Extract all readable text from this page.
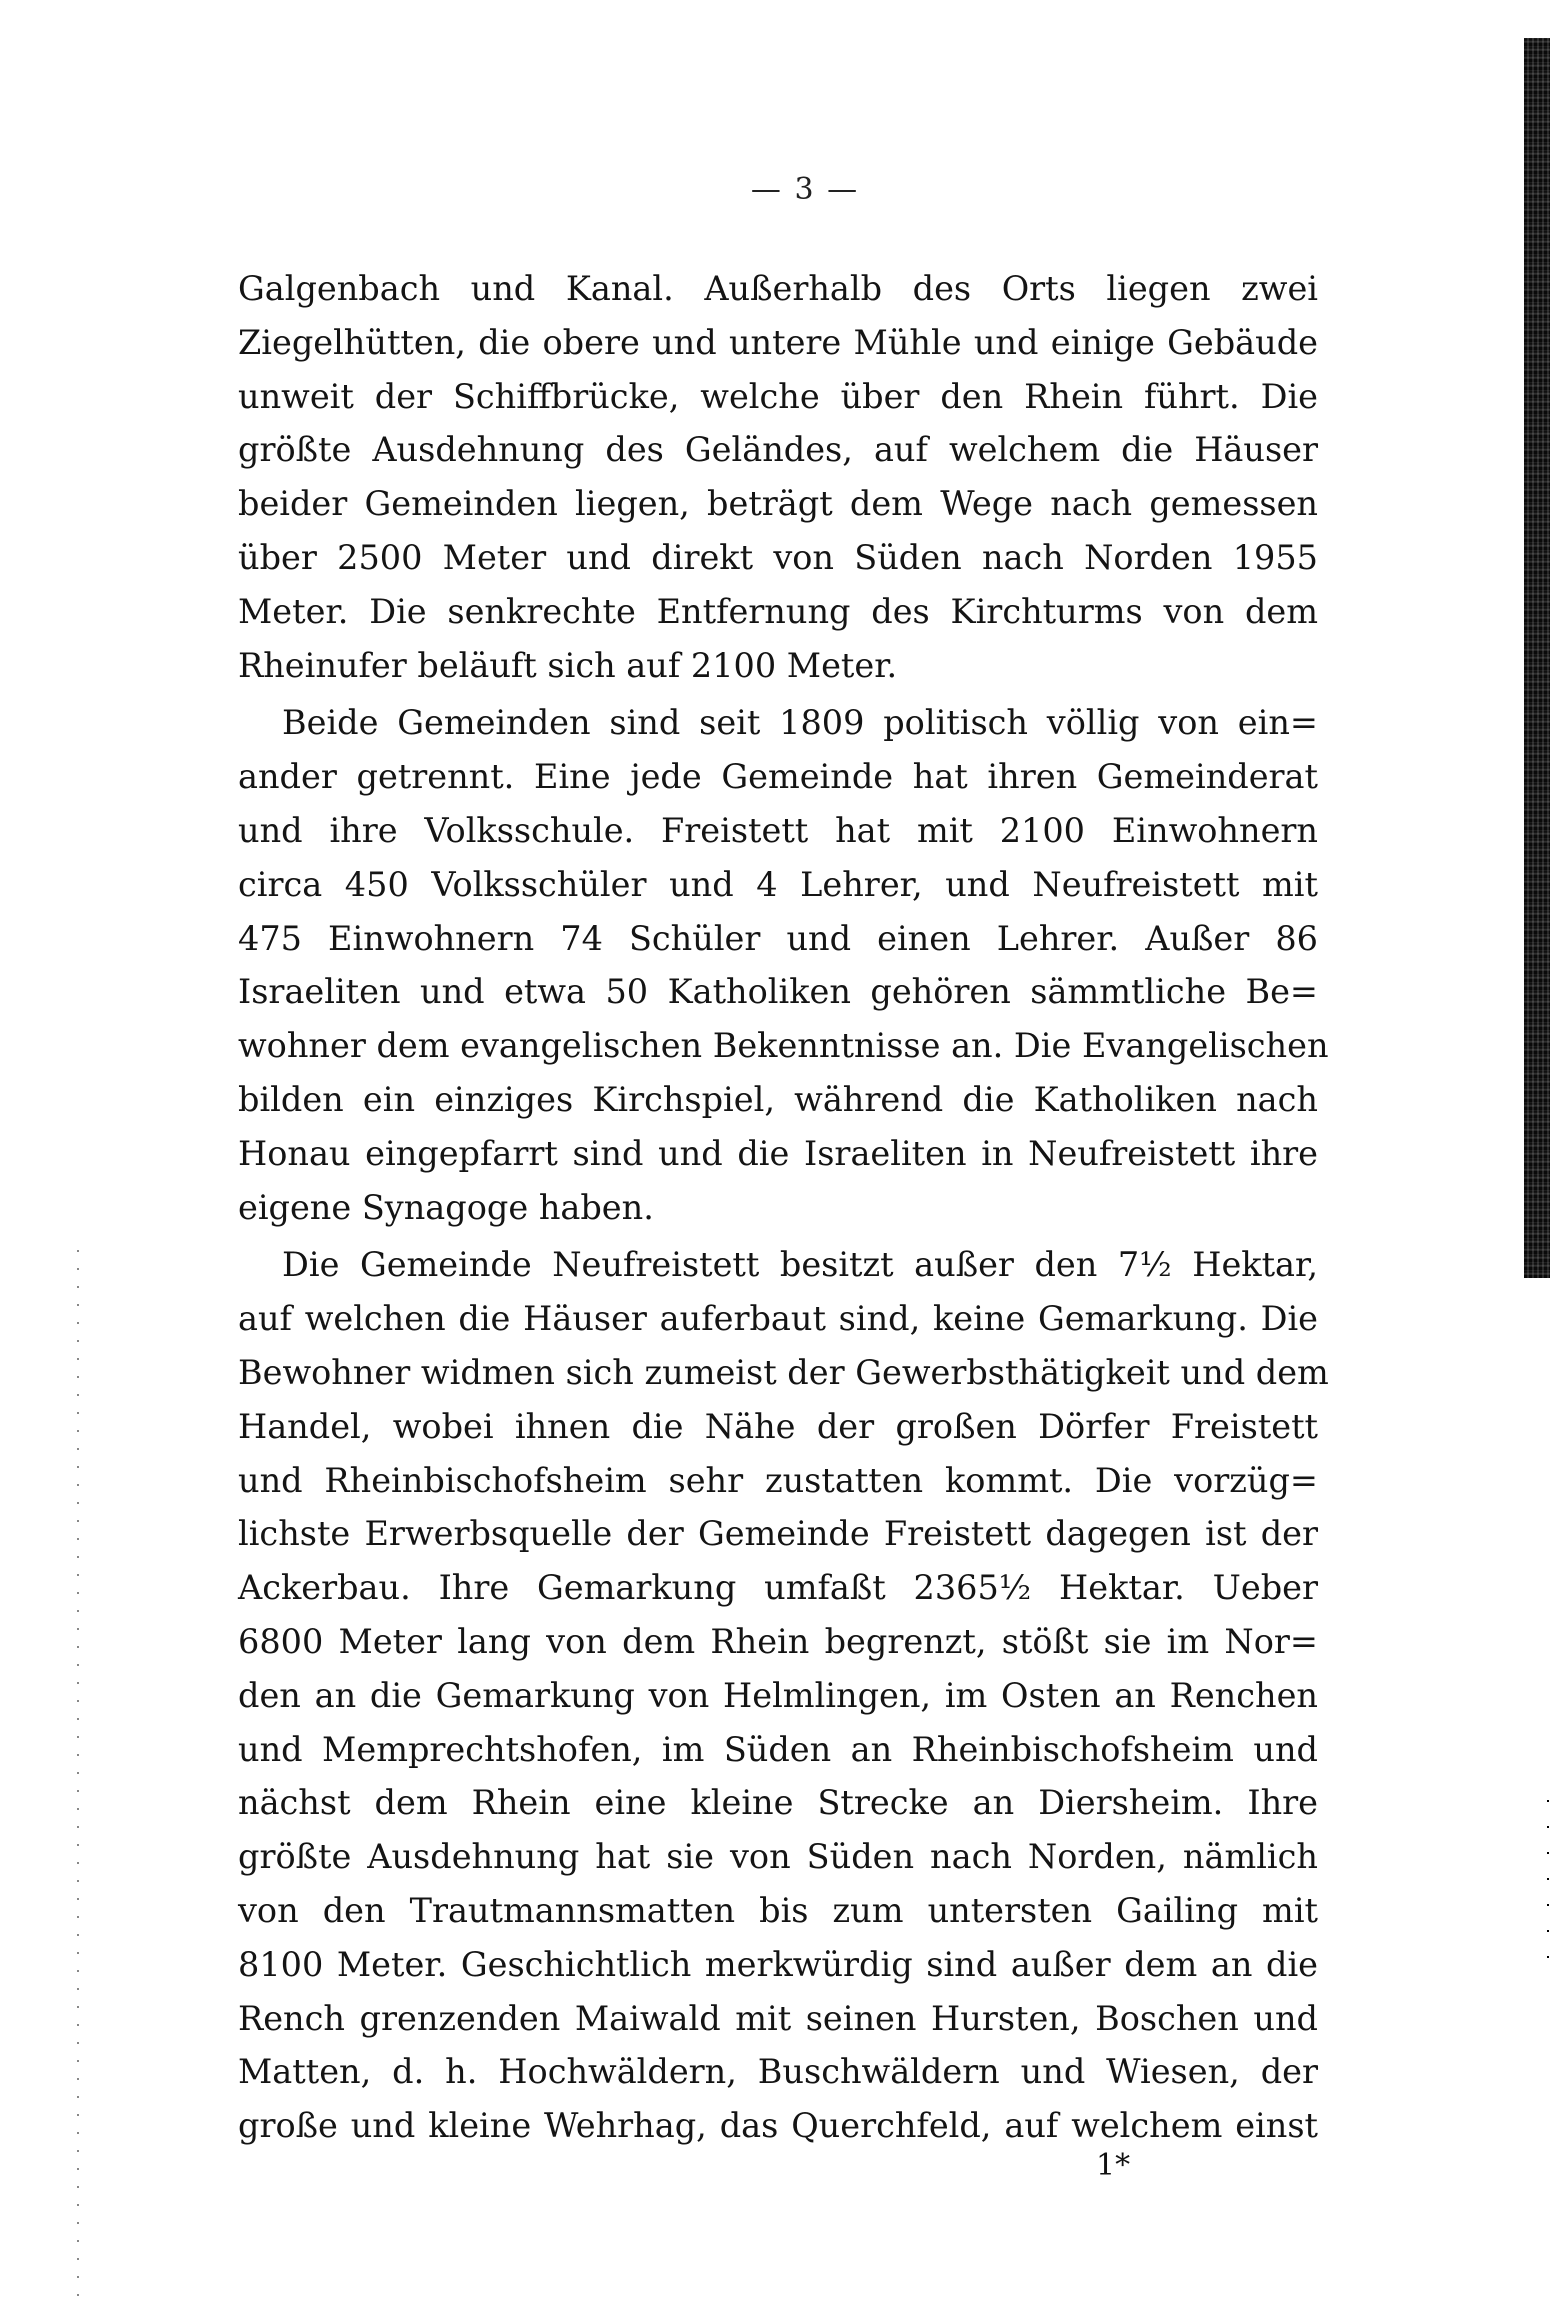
— 3 —

Galgenbach und Kanal. Außerhalb des Orts liegen zwei
Ziegelhütten, die obere und untere Mühle und einige Gebäude
unweit der Schiffbrücke, welche über den Rhein führt. Die
größte Ausdehnung des Geländes, auf welchem die Häuser
beider Gemeinden liegen, beträgt dem Wege nach gemessen
über 2500 Meter und direkt von Süden nach Norden 1955
Meter. Die senkrechte Entfernung des Kirchturms von dem
Rheinufer beläuft sich auf 2100 Meter.

Beide Gemeinden sind seit 1809 politisch völlig von ein=
ander getrennt. Eine jede Gemeinde hat ihren Gemeinderat
und ihre Volksschule. Freistett hat mit 2100 Einwohnern
circa 450 Volksschüler und 4 Lehrer, und Neufreistett mit
475 Einwohnern 74 Schüler und einen Lehrer. Außer 86
Israeliten und etwa 50 Katholiken gehören sämmtliche Be=
wohner dem evangelischen Bekenntnisse an. Die Evangelischen
bilden ein einziges Kirchspiel, während die Katholiken nach
Honau eingepfarrt sind und die Israeliten in Neufreistett ihre
eigene Synagoge haben.

Die Gemeinde Neufreistett besitzt außer den 7½ Hektar,
auf welchen die Häuser auferbaut sind, keine Gemarkung. Die
Bewohner widmen sich zumeist der Gewerbsthätigkeit und dem
Handel, wobei ihnen die Nähe der großen Dörfer Freistett
und Rheinbischofsheim sehr zustatten kommt. Die vorzüg=
lichste Erwerbsquelle der Gemeinde Freistett dagegen ist der
Ackerbau. Ihre Gemarkung umfaßt 2365½ Hektar. Ueber
6800 Meter lang von dem Rhein begrenzt, stößt sie im Nor=
den an die Gemarkung von Helmlingen, im Osten an Renchen
und Memprechtshofen, im Süden an Rheinbischofsheim und
nächst dem Rhein eine kleine Strecke an Diersheim. Ihre
größte Ausdehnung hat sie von Süden nach Norden, nämlich
von den Trautmannsmatten bis zum untersten Gailing mit
8100 Meter. Geschichtlich merkwürdig sind außer dem an die
Rench grenzenden Maiwald mit seinen Hursten, Boschen und
Matten, d. h. Hochwäldern, Buschwäldern und Wiesen, der
große und kleine Wehrhag, das Querchfeld, auf welchem einst

1*
